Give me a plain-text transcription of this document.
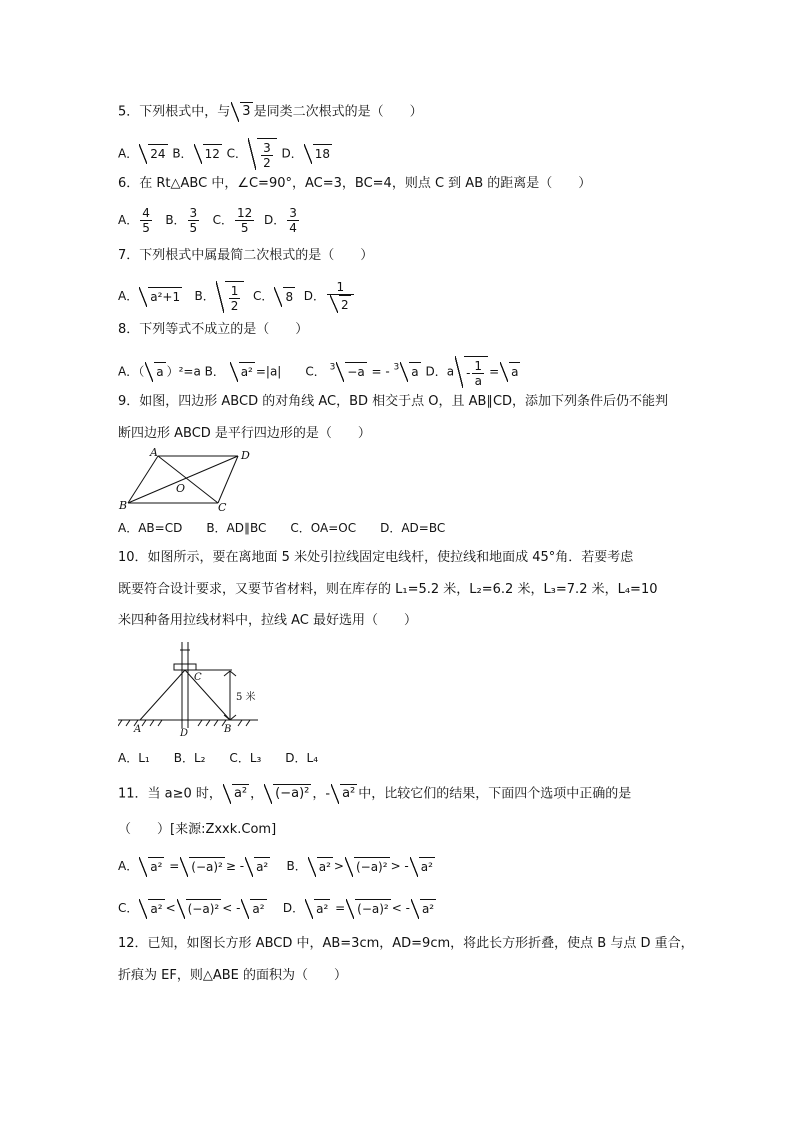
5．下列根式中，与 3 是同类二次根式的是（　　）
A． 24 B． 12 C． $\frac{3}{2}$ D． 18
6．在 Rt△ABC 中，∠C=90°，AC=3，BC=4，则点 C 到 AB 的距离是（　　）
A． $\frac{4}{5}$ B． $\frac{3}{5}$ C． $\frac{12}{5}$ D． $\frac{3}{4}$
7．下列根式中属最简二次根式的是（　　）
A． a²+1 B． $\frac{1}{2}$ C． 8 D． $\frac{1}{2}$
8．下列等式不成立的是（　　）
A．（ a ）²=a B． a² =|a|　　C． $^3$ −a = - $^3$ a D．$a - \frac{1}{a} = a$
9．如图，四边形 ABCD 的对角线 AC，BD 相交于点 O，且 AB∥CD，添加下列条件后仍不能判
断四边形 ABCD 是平行四边形的是（　　）
A	D
B	C
O
A．AB=CD　　B．AD∥BC　　C．OA=OC　　D．AD=BC
10．如图所示，要在离地面 5 米处引拉线固定电线杆，使拉线和地面成 45°角．若要考虑
既要符合设计要求，又要节省材料，则在库存的 L₁=5.2 米，L₂=6.2 米，L₃=7.2 米，L₄=10
米四种备用拉线材料中，拉线 AC 最好选用（　　）
C
A	D	B
5 米
A．L₁　　B．L₂　　C．L₃　　D．L₄
11．当 a≥0 时， a² ， (−a)² ，- a² 中，比较它们的结果，下面四个选项中正确的是
（　　）[来源:Zxxk.Com]
A． a² = (−a)² ≥ - a² B． a² > (−a)² > - a²
C． a² < (−a)² < - a² D． a² = (−a)² < - a²
12．已知，如图长方形 ABCD 中，AB=3cm，AD=9cm，将此长方形折叠，使点 B 与点 D 重合，
折痕为 EF，则△ABE 的面积为（　　）
